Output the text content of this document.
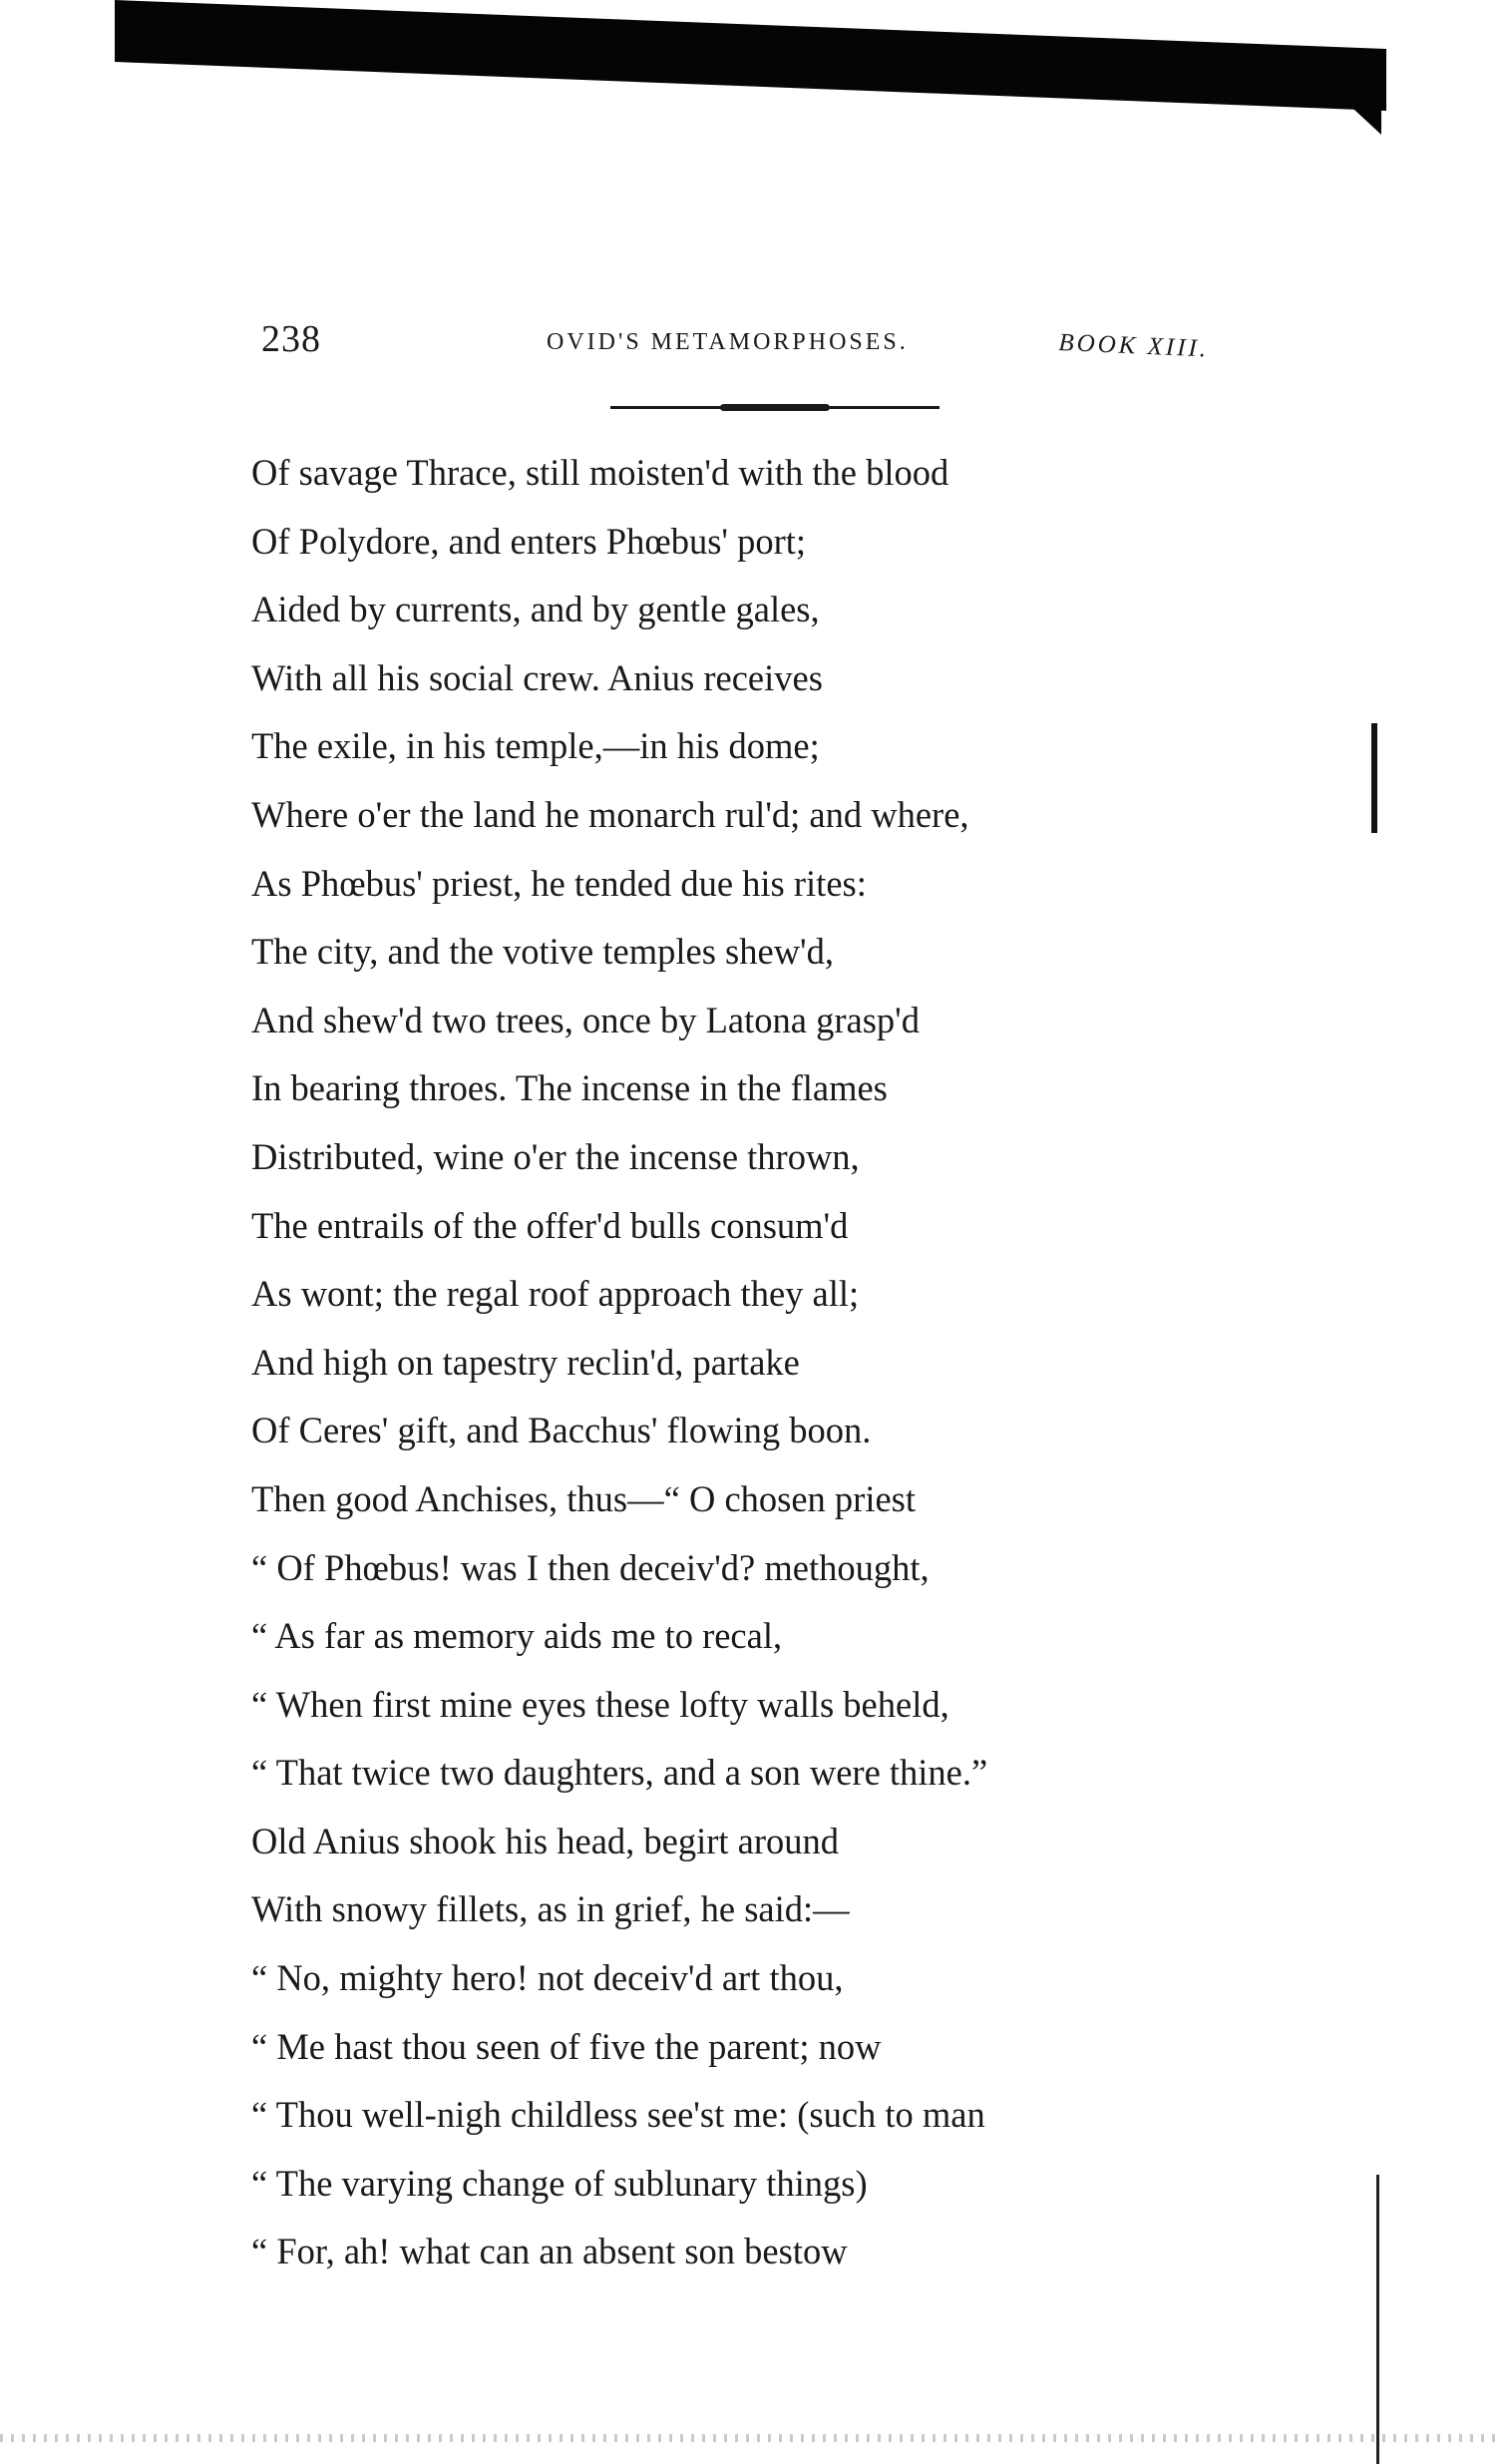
238	OVID'S METAMORPHOSES.	BOOK XIII.
Of savage Thrace, still moisten'd with the blood
Of Polydore, and enters Phœbus' port;
Aided by currents, and by gentle gales,
With all his social crew. Anius receives
The exile, in his temple,—in his dome;
Where o'er the land he monarch rul'd; and where,
As Phœbus' priest, he tended due his rites:
The city, and the votive temples shew'd,
And shew'd two trees, once by Latona grasp'd
In bearing throes. The incense in the flames
Distributed, wine o'er the incense thrown,
The entrails of the offer'd bulls consum'd
As wont; the regal roof approach they all;
And high on tapestry reclin'd, partake
Of Ceres' gift, and Bacchus' flowing boon.
Then good Anchises, thus—“ O chosen priest
“ Of Phœbus! was I then deceiv'd? methought,
“ As far as memory aids me to recal,
“ When first mine eyes these lofty walls beheld,
“ That twice two daughters, and a son were thine.”
Old Anius shook his head, begirt around
With snowy fillets, as in grief, he said:—
“ No, mighty hero! not deceiv'd art thou,
“ Me hast thou seen of five the parent; now
“ Thou well-nigh childless see'st me: (such to man
“ The varying change of sublunary things)
“ For, ah! what can an absent son bestow
